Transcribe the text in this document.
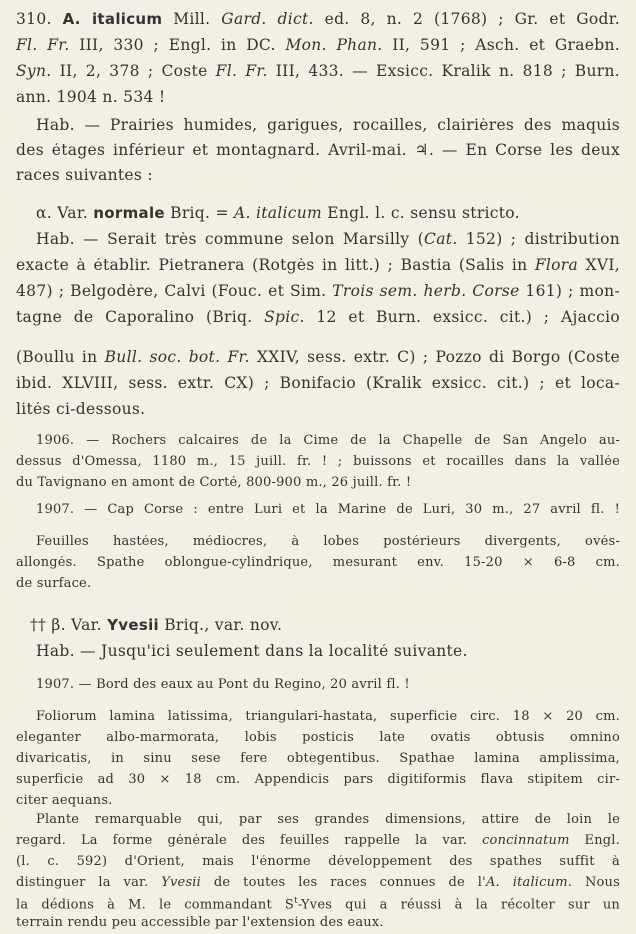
310. A. italicum Mill. Gard. dict. ed. 8, n. 2 (1768) ; Gr. et Godr.
Fl. Fr. III, 330 ; Engl. in DC. Mon. Phan. II, 591 ; Asch. et Graebn.
Syn. II, 2, 378 ; Coste Fl. Fr. III, 433. — Exsicc. Kralik n. 818 ; Burn.
ann. 1904 n. 534 !
Hab. — Prairies humides, garigues, rocailles, clairières des maquis
des étages inférieur et montagnard. Avril-mai. ♃. — En Corse les deux
races suivantes :
α. Var. normale Briq. = A. italicum Engl. l. c. sensu stricto.
Hab. — Serait très commune selon Marsilly (Cat. 152) ; distribution
exacte à établir. Pietranera (Rotgès in litt.) ; Bastia (Salis in Flora XVI,
487) ; Belgodère, Calvi (Fouc. et Sim. Trois sem. herb. Corse 161) ; mon-
tagne de Caporalino (Briq. Spic. 12 et Burn. exsicc. cit.) ; Ajaccio
(Boullu in Bull. soc. bot. Fr. XXIV, sess. extr. C) ; Pozzo di Borgo (Coste
ibid. XLVIII, sess. extr. CX) ; Bonifacio (Kralik exsicc. cit.) ; et loca-
lités ci-dessous.
1906. — Rochers calcaires de la Cime de la Chapelle de San Angelo au-
dessus d'Omessa, 1180 m., 15 juill. fr. ! ; buissons et rocailles dans la vallée
du Tavignano en amont de Corté, 800-900 m., 26 juill. fr. !
1907. — Cap Corse : entre Luri et la Marine de Luri, 30 m., 27 avril fl. !
Feuilles hastées, médiocres, à lobes postérieurs divergents, ovés-
allongés. Spathe oblongue-cylindrique, mesurant env. 15-20 ⨯ 6-8 cm.
de surface.
†† β. Var. Yvesii Briq., var. nov.
Hab. — Jusqu'ici seulement dans la localité suivante.
1907. — Bord des eaux au Pont du Regino, 20 avril fl. !
Foliorum lamina latissima, triangulari-hastata, superficie circ. 18 ⨯ 20 cm.
eleganter albo-marmorata, lobis posticis late ovatis obtusis omnino
divaricatis, in sinu sese fere obtegentibus. Spathae lamina amplissima,
superficie ad 30 ⨯ 18 cm. Appendicis pars digitiformis flava stipitem cir-
citer aequans.
Plante remarquable qui, par ses grandes dimensions, attire de loin le
regard. La forme générale des feuilles rappelle la var. concinnatum Engl.
(l. c. 592) d'Orient, mais l'énorme développement des spathes suffit à
distinguer la var. Yvesii de toutes les races connues de l'A. italicum. Nous
la dédions à M. le commandant $S^t$-Yves qui a réussi à la récolter sur un
terrain rendu peu accessible par l'extension des eaux.
